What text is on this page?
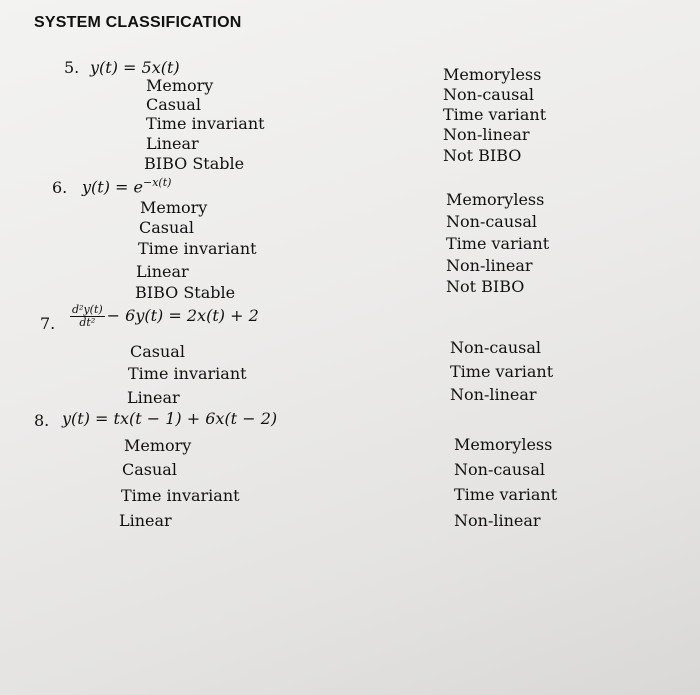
SYSTEM CLASSIFICATION
5. y(t) = 5x(t)
Memory
Casual
Time invariant
Linear
BIBO Stable
Memoryless
Non-causal
Time variant
Non-linear
Not BIBO
6. $y(t) = e^{-x(t)}$
Memory
Casual
Time invariant
Linear
BIBO Stable
Memoryless
Non-causal
Time variant
Non-linear
Not BIBO
7. $\frac{\text{d²y(t)}}{\text{dt²}} - 6y(t) = 2x(t) + 2$
Casual
Time invariant
Linear
Non-causal
Time variant
Non-linear
8. y(t) = tx(t − 1) + 6x(t − 2)
Memory
Casual
Time invariant
Linear
Memoryless
Non-causal
Time variant
Non-linear
